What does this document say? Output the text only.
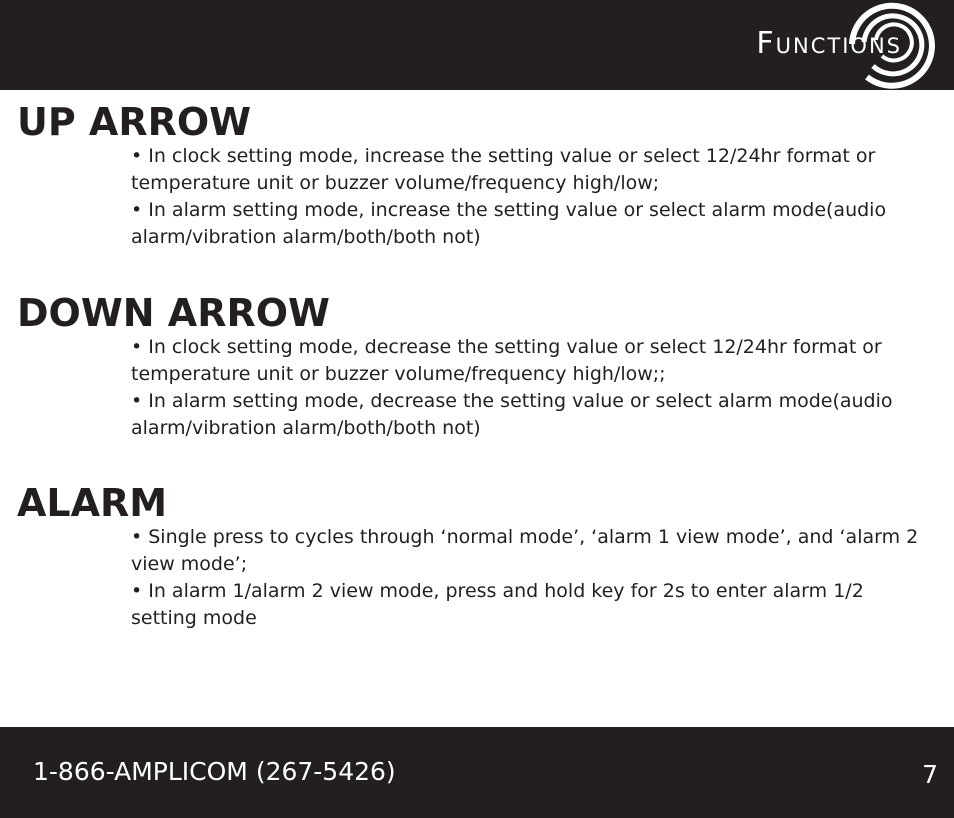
Functions
UP ARROW
• In clock setting mode, increase the setting value or select 12/24hr format or temperature unit or buzzer volume/frequency high/low;
• In alarm setting mode, increase the setting value or select alarm mode(audio alarm/vibration alarm/both/both not)
DOWN ARROW
• In clock setting mode, decrease the setting value or select 12/24hr format or temperature unit or buzzer volume/frequency high/low;;
• In alarm setting mode, decrease the setting value or select alarm mode(audio alarm/vibration alarm/both/both not)
ALARM
• Single press to cycles through ‘normal mode’, ‘alarm 1 view mode’, and ‘alarm 2 view mode’;
• In alarm 1/alarm 2 view mode, press and hold key for 2s to enter alarm 1/2 setting mode
1-866-AMPLICOM (267-5426)	7
